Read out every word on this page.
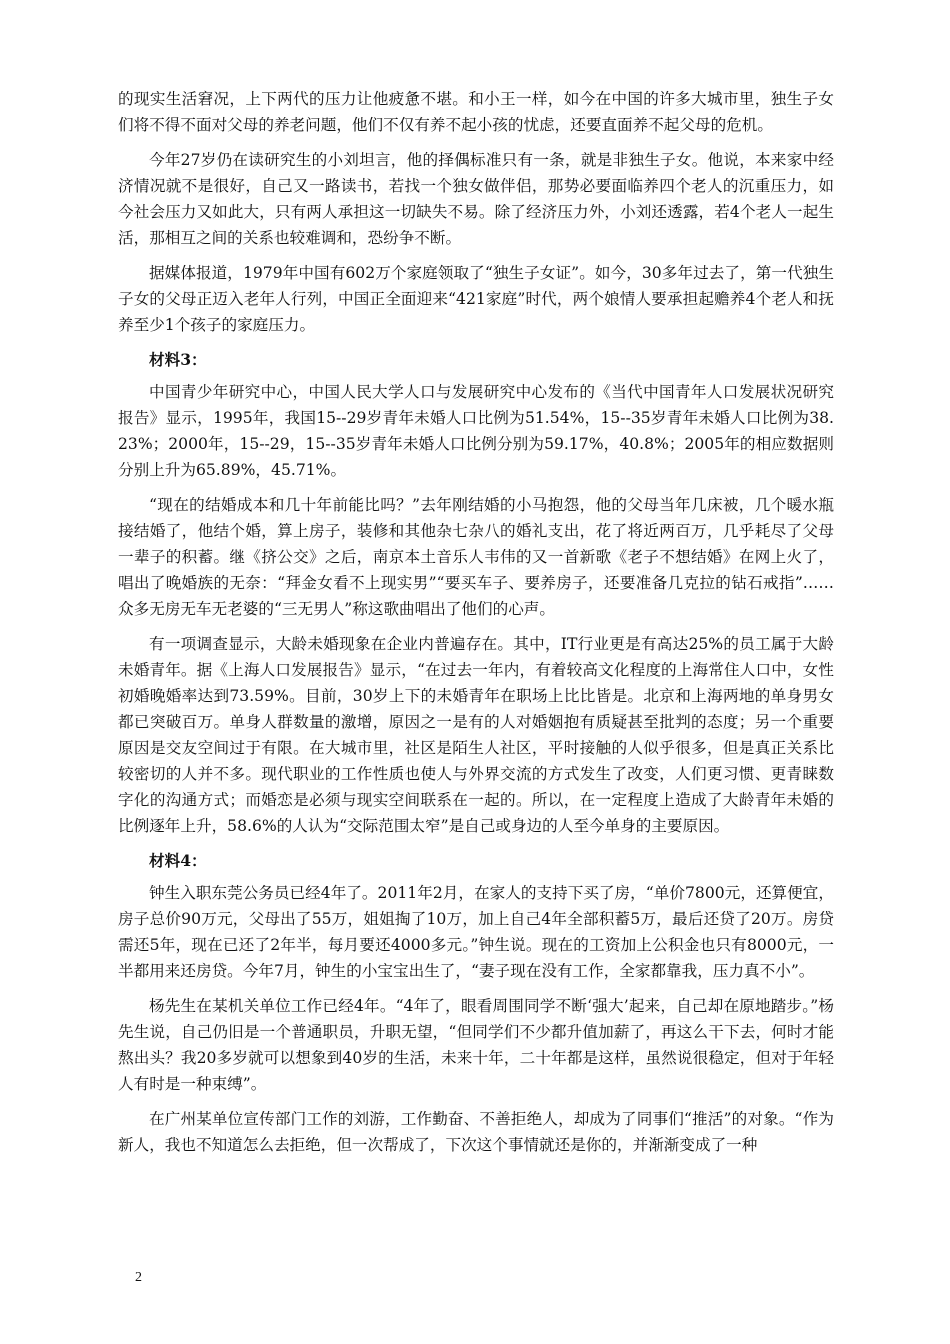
的现实生活窘况，上下两代的压力让他疲惫不堪。和小王一样，如今在中国的许多大城市里，独生子女们将不得不面对父母的养老问题，他们不仅有养不起小孩的忧虑，还要直面养不起父母的危机。

今年27岁仍在读研究生的小刘坦言，他的择偶标准只有一条，就是非独生子女。他说，本来家中经济情况就不是很好，自己又一路读书，若找一个独女做伴侣，那势必要面临养四个老人的沉重压力，如今社会压力又如此大，只有两人承担这一切缺失不易。除了经济压力外，小刘还透露，若4个老人一起生活，那相互之间的关系也较难调和，恐纷争不断。

据媒体报道，1979年中国有602万个家庭领取了“独生子女证”。如今，30多年过去了，第一代独生子女的父母正迈入老年人行列，中国正全面迎来“421家庭”时代，两个娘情人要承担起赡养4个老人和抚养至少1个孩子的家庭压力。

材料3：

中国青少年研究中心，中国人民大学人口与发展研究中心发布的《当代中国青年人口发展状况研究报告》显示，1995年，我国15--29岁青年未婚人口比例为51.54%，15--35岁青年未婚人口比例为38.23%；2000年，15--29，15--35岁青年未婚人口比例分别为59.17%，40.8%；2005年的相应数据则分别上升为65.89%，45.71%。

“现在的结婚成本和几十年前能比吗？”去年刚结婚的小马抱怨，他的父母当年几床被，几个暖水瓶接结婚了，他结个婚，算上房子，装修和其他杂七杂八的婚礼支出，花了将近两百万，几乎耗尽了父母一辈子的积蓄。继《挤公交》之后，南京本土音乐人韦伟的又一首新歌《老子不想结婚》在网上火了，唱出了晚婚族的无奈：“拜金女看不上现实男”“要买车子、要养房子，还要准备几克拉的钻石戒指”……众多无房无车无老婆的“三无男人”称这歌曲唱出了他们的心声。

有一项调查显示，大龄未婚现象在企业内普遍存在。其中，IT行业更是有高达25%的员工属于大龄未婚青年。据《上海人口发展报告》显示，“在过去一年内，有着较高文化程度的上海常住人口中，女性初婚晚婚率达到73.59%。目前，30岁上下的未婚青年在职场上比比皆是。北京和上海两地的单身男女都已突破百万。单身人群数量的激增，原因之一是有的人对婚姻抱有质疑甚至批判的态度；另一个重要原因是交友空间过于有限。在大城市里，社区是陌生人社区，平时接触的人似乎很多，但是真正关系比较密切的人并不多。现代职业的工作性质也使人与外界交流的方式发生了改变，人们更习惯、更青睐数字化的沟通方式；而婚恋是必须与现实空间联系在一起的。所以，在一定程度上造成了大龄青年未婚的比例逐年上升，58.6%的人认为“交际范围太窄”是自己或身边的人至今单身的主要原因。

材料4：

钟生入职东莞公务员已经4年了。2011年2月，在家人的支持下买了房，“单价7800元，还算便宜，房子总价90万元，父母出了55万，姐姐掏了10万，加上自己4年全部积蓄5万，最后还贷了20万。房贷需还5年，现在已还了2年半，每月要还4000多元。”钟生说。现在的工资加上公积金也只有8000元，一半都用来还房贷。今年7月，钟生的小宝宝出生了，“妻子现在没有工作，全家都靠我，压力真不小”。

杨先生在某机关单位工作已经4年。“4年了，眼看周围同学不断‘强大’起来，自己却在原地踏步。”杨先生说，自己仍旧是一个普通职员，升职无望，“但同学们不少都升值加薪了，再这么干下去，何时才能熬出头？我20多岁就可以想象到40岁的生活，未来十年，二十年都是这样，虽然说很稳定，但对于年轻人有时是一种束缚”。

在广州某单位宣传部门工作的刘游，工作勤奋、不善拒绝人，却成为了同事们“推活”的对象。“作为新人，我也不知道怎么去拒绝，但一次帮成了，下次这个事情就还是你的，并渐渐变成了一种

2
